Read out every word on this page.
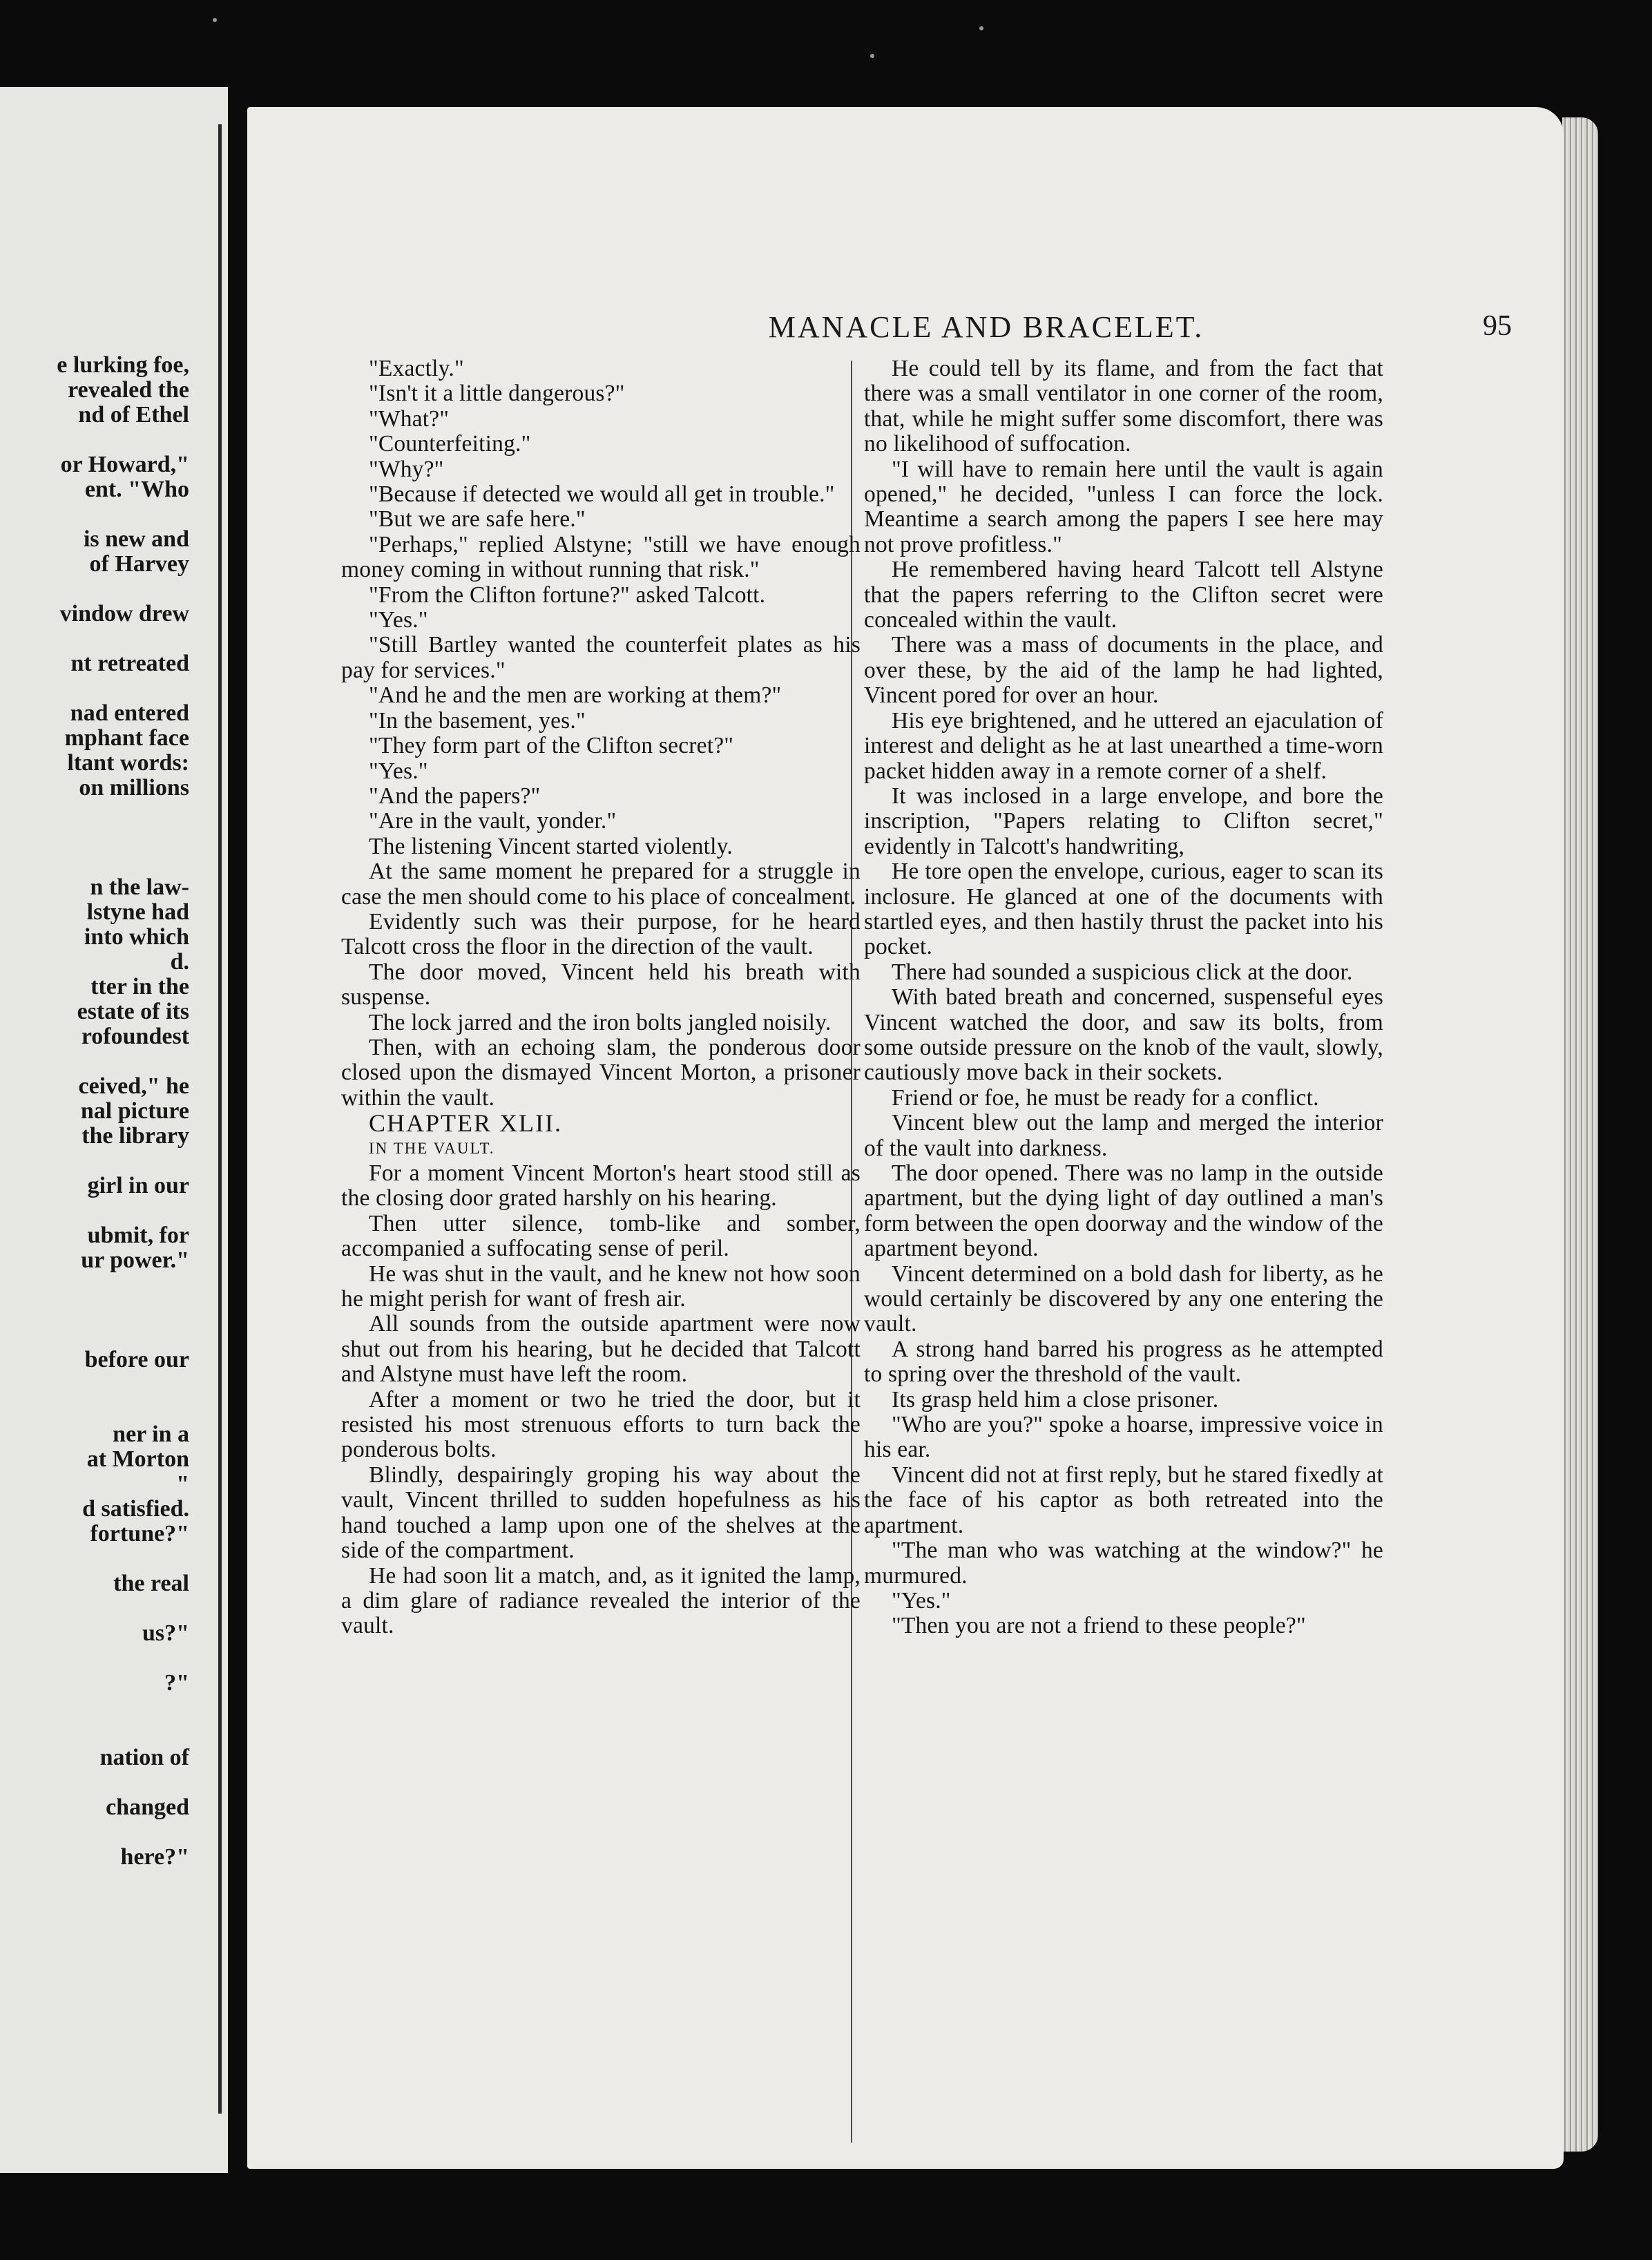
e lurking foe,
revealed the
nd of Ethel
or Howard,"
ent. "Who
is new and
of Harvey
vindow drew
nt retreated
nad entered
mphant face
ltant words:
on millions
n the law-
lstyne had
into which
d.
tter in the
estate of its
rofoundest
ceived," he
nal picture
the library
girl in our
ubmit, for
ur power."
before our
ner in a
at Morton
"
d satisfied.
fortune?"
the real
us?"
?"
nation of
changed
here?"
MANACLE AND BRACELET.	95

"Exactly."

"Isn't it a little dangerous?"

"What?"

"Counterfeiting."

"Why?"

"Because if detected we would all get in trouble."

"But we are safe here."

"Perhaps," replied Alstyne; "still we have enough money coming in without running that risk."

"From the Clifton fortune?" asked Talcott.

"Yes."

"Still Bartley wanted the counterfeit plates as his pay for services."

"And he and the men are working at them?"

"In the basement, yes."

"They form part of the Clifton secret?"

"Yes."

"And the papers?"

"Are in the vault, yonder."

The listening Vincent started violently.

At the same moment he prepared for a struggle in case the men should come to his place of concealment.

Evidently such was their purpose, for he heard Talcott cross the floor in the direction of the vault.

The door moved, Vincent held his breath with suspense.

The lock jarred and the iron bolts jangled noisily.

Then, with an echoing slam, the ponderous door closed upon the dismayed Vincent Morton, a prisoner within the vault.

CHAPTER XLII.

IN THE VAULT.

For a moment Vincent Morton's heart stood still as the closing door grated harshly on his hearing.

Then utter silence, tomb-like and somber, accompanied a suffocating sense of peril.

He was shut in the vault, and he knew not how soon he might perish for want of fresh air.

All sounds from the outside apartment were now shut out from his hearing, but he decided that Talcott and Alstyne must have left the room.

After a moment or two he tried the door, but it resisted his most strenuous efforts to turn back the ponderous bolts.

Blindly, despairingly groping his way about the vault, Vincent thrilled to sudden hopefulness as his hand touched a lamp upon one of the shelves at the side of the compartment.

He had soon lit a match, and, as it ignited the lamp, a dim glare of radiance revealed the interior of the vault.

He could tell by its flame, and from the fact that there was a small ventilator in one corner of the room, that, while he might suffer some discomfort, there was no likelihood of suffocation.

"I will have to remain here until the vault is again opened," he decided, "unless I can force the lock. Meantime a search among the papers I see here may not prove profitless."

He remembered having heard Talcott tell Alstyne that the papers referring to the Clifton secret were concealed within the vault.

There was a mass of documents in the place, and over these, by the aid of the lamp he had lighted, Vincent pored for over an hour.

His eye brightened, and he uttered an ejaculation of interest and delight as he at last unearthed a time-worn packet hidden away in a remote corner of a shelf.

It was inclosed in a large envelope, and bore the inscription, "Papers relating to Clifton secret," evidently in Talcott's handwriting,

He tore open the envelope, curious, eager to scan its inclosure. He glanced at one of the documents with startled eyes, and then hastily thrust the packet into his pocket.

There had sounded a suspicious click at the door.

With bated breath and concerned, suspenseful eyes Vincent watched the door, and saw its bolts, from some outside pressure on the knob of the vault, slowly, cautiously move back in their sockets.

Friend or foe, he must be ready for a conflict.

Vincent blew out the lamp and merged the interior of the vault into darkness.

The door opened. There was no lamp in the outside apartment, but the dying light of day outlined a man's form between the open doorway and the window of the apartment beyond.

Vincent determined on a bold dash for liberty, as he would certainly be discovered by any one entering the vault.

A strong hand barred his progress as he attempted to spring over the threshold of the vault.

Its grasp held him a close prisoner.

"Who are you?" spoke a hoarse, impressive voice in his ear.

Vincent did not at first reply, but he stared fixedly at the face of his captor as both retreated into the apartment.

"The man who was watching at the window?" he murmured.

"Yes."

"Then you are not a friend to these people?"
